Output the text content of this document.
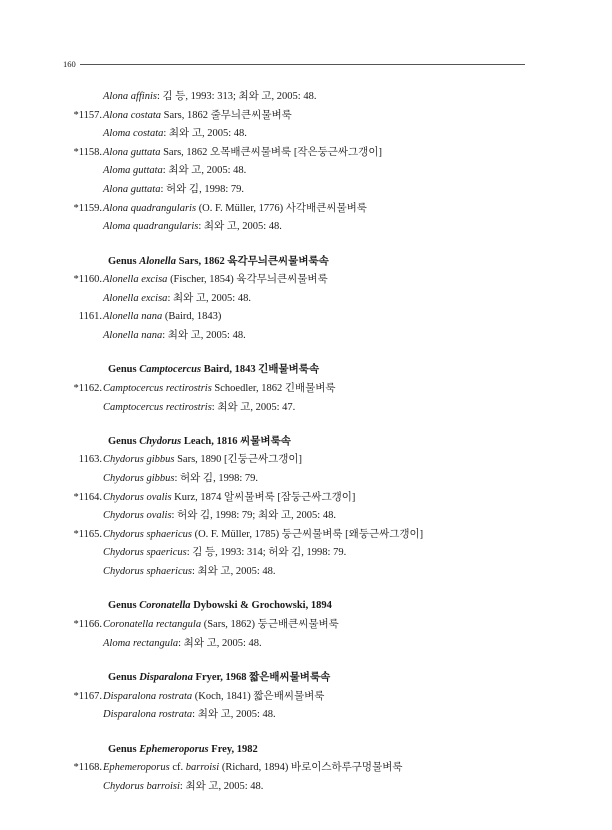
160
Alona affinis: 김 등, 1993: 313; 최와 고, 2005: 48.
*1157. Alona costata Sars, 1862 줄무늬큰씨물벼룩
Aloma costata: 최와 고, 2005: 48.
*1158. Alona guttata Sars, 1862 오목배큰씨물벼룩 [작은둥근싸그갱이]
Aloma guttata: 최와 고, 2005: 48.
Alona guttata: 허와 김, 1998: 79.
*1159. Alona quadrangularis (O. F. Müller, 1776) 사각배큰씨물벼룩
Aloma quadrangularis: 최와 고, 2005: 48.
Genus Alonella Sars, 1862 육각무늬큰씨물벼룩속
*1160. Alonella excisa (Fischer, 1854) 육각무늬큰씨물벼룩
Alonella excisa: 최와 고, 2005: 48.
1161. Alonella nana (Baird, 1843)
Alonella nana: 최와 고, 2005: 48.
Genus Camptocercus Baird, 1843 긴배물벼룩속
*1162. Camptocercus rectirostris Schoedler, 1862 긴배물벼룩
Camptocercus rectirostris: 최와 고, 2005: 47.
Genus Chydorus Leach, 1816 씨물벼룩속
1163. Chydorus gibbus Sars, 1890 [긴둥근싸그갱이]
Chydorus gibbus: 허와 김, 1998: 79.
*1164. Chydorus ovalis Kurz, 1874 알씨물벼룩 [잠둥근싸그갱이]
Chydorus ovalis: 허와 김, 1998: 79; 최와 고, 2005: 48.
*1165. Chydorus sphaericus (O. F. Müller, 1785) 둥근씨물벼룩 [왜둥근싸그갱이]
Chydorus spaericus: 김 등, 1993: 314; 허와 김, 1998: 79.
Chydorus sphaericus: 최와 고, 2005: 48.
Genus Coronatella Dybowski & Grochowski, 1894
*1166. Coronatella rectangula (Sars, 1862) 둥근배큰씨물벼룩
Aloma rectangula: 최와 고, 2005: 48.
Genus Disparalona Fryer, 1968 짧은배씨물벼룩속
*1167. Disparalona rostrata (Koch, 1841) 짧은배씨물벼룩
Disparalona rostrata: 최와 고, 2005: 48.
Genus Ephemeroporus Frey, 1982
*1168. Ephemeroporus cf. barroisi (Richard, 1894) 바로이스하루구멍물벼룩
Chydorus barroisi: 최와 고, 2005: 48.
